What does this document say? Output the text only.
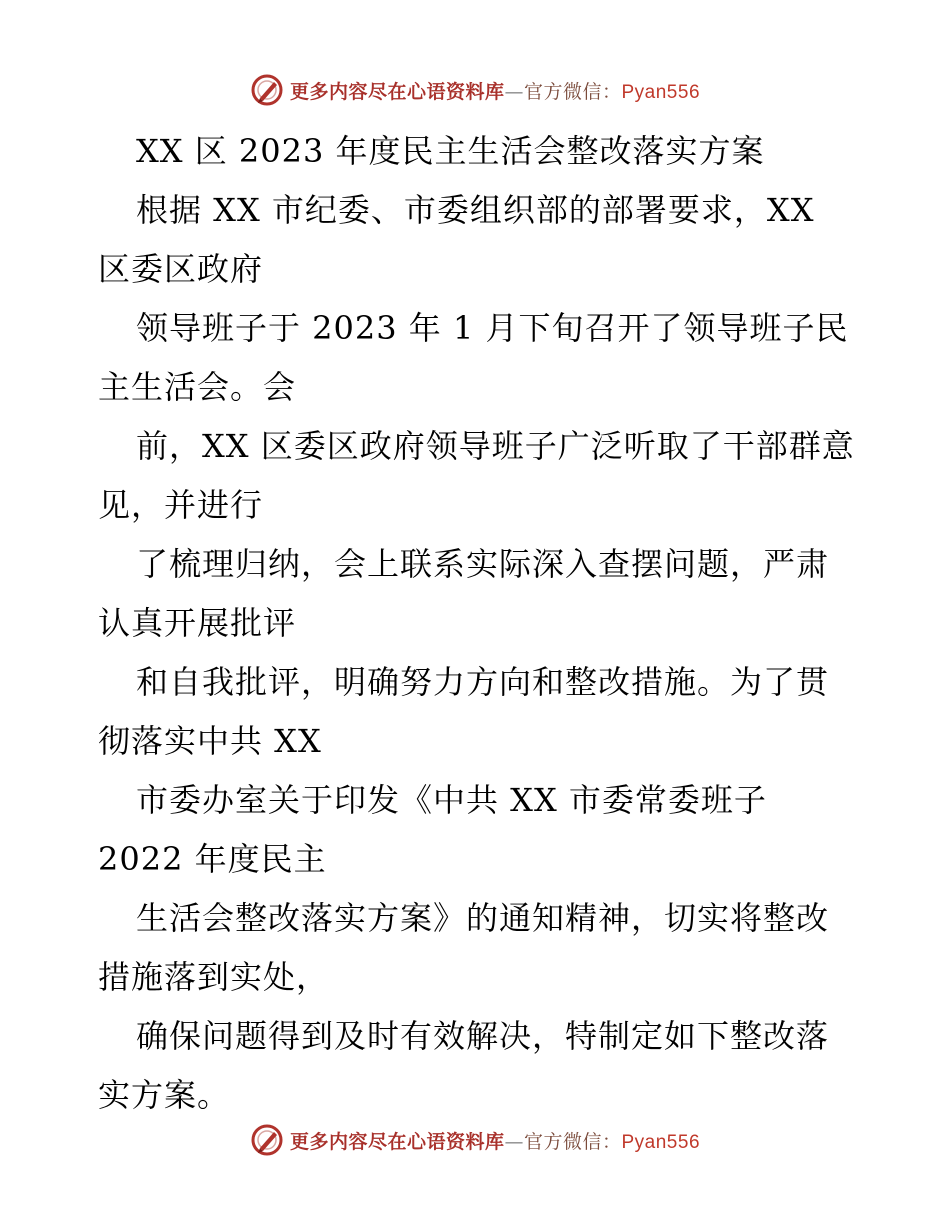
更多内容尽在心语资料库—官方微信：Pyan556

XX 区 2023 年度民主生活会整改落实方案

根据 XX 市纪委、市委组织部的部署要求，XX 区委区政府

领导班子于 2023 年 1 月下旬召开了领导班子民主生活会。会

前，XX 区委区政府领导班子广泛听取了干部群意见，并进行

了梳理归纳，会上联系实际深入查摆问题，严肃认真开展批评

和自我批评，明确努力方向和整改措施。为了贯彻落实中共 XX

市委办室关于印发《中共 XX 市委常委班子 2022 年度民主

生活会整改落实方案》的通知精神，切实将整改措施落到实处，

确保问题得到及时有效解决，特制定如下整改落实方案。

更多内容尽在心语资料库—官方微信：Pyan556
